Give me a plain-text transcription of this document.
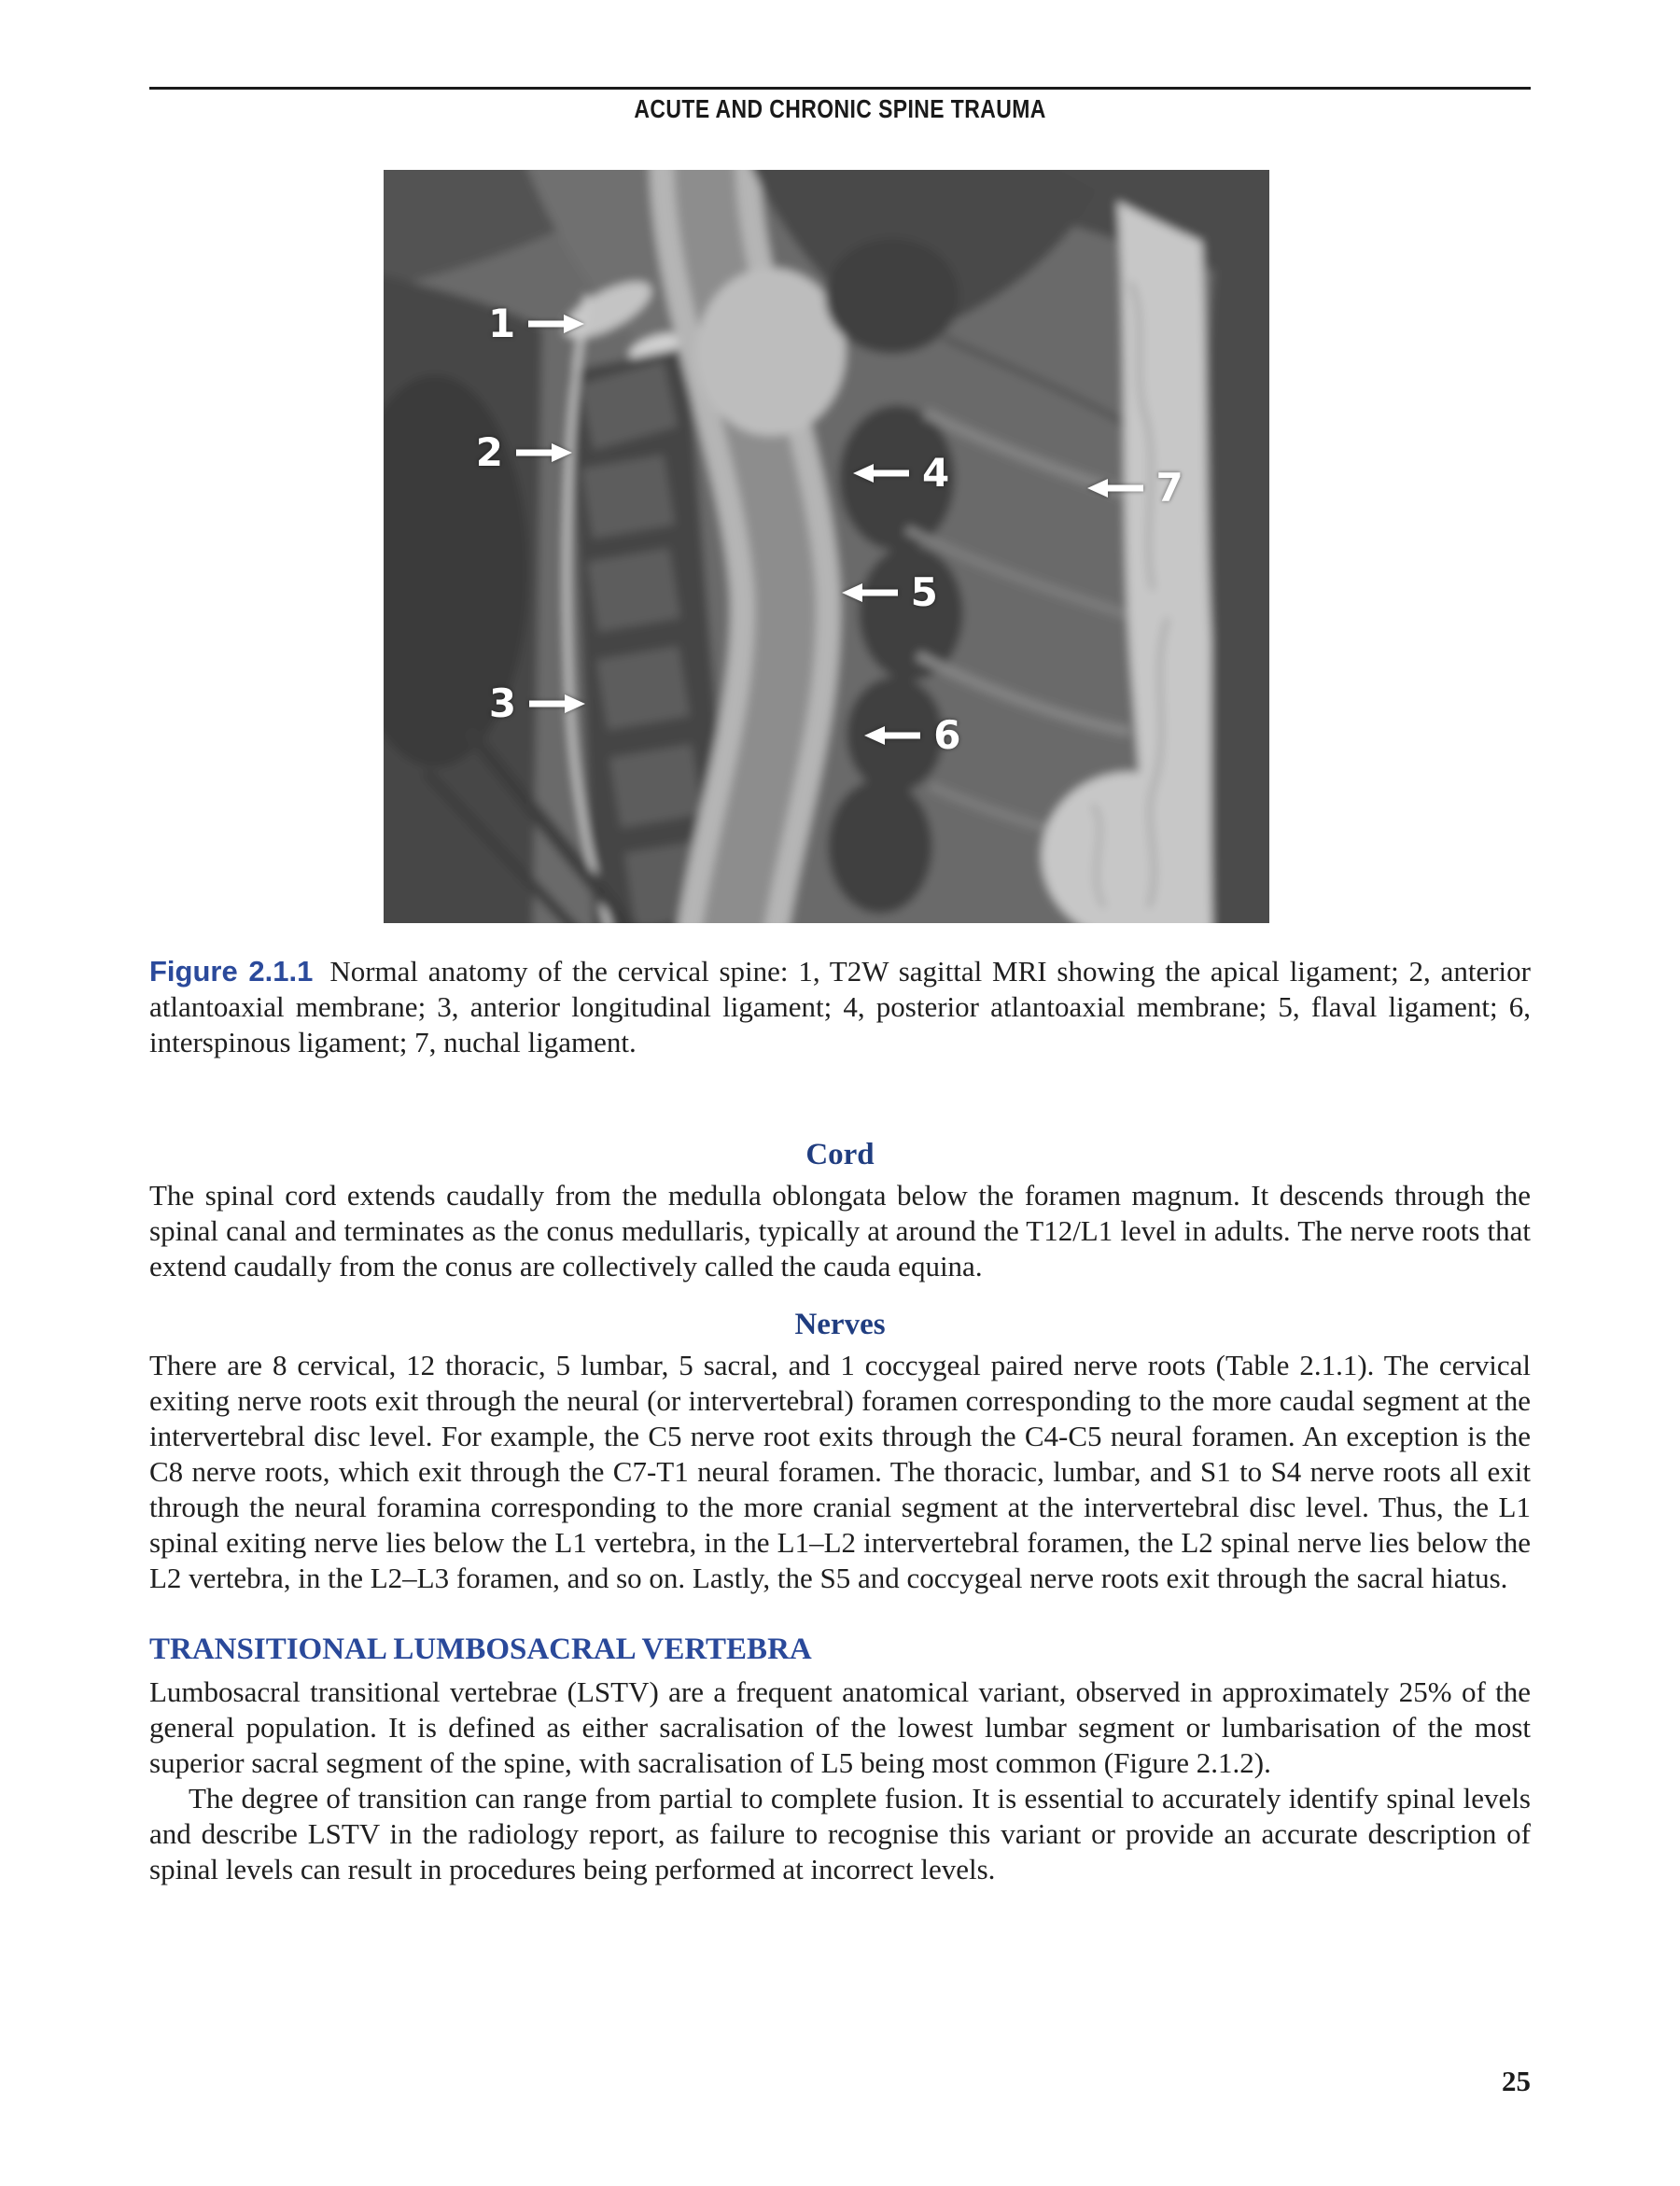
ACUTE AND CHRONIC SPINE TRAUMA
1
2
3
4
5
6
7
Figure 2.1.1 Normal anatomy of the cervical spine: 1, T2W sagittal MRI showing the apical ligament; 2, anterior atlantoaxial membrane; 3, anterior longitudinal ligament; 4, posterior atlantoaxial membrane; 5, flaval ligament; 6, interspinous ligament; 7, nuchal ligament.
Cord

The spinal cord extends caudally from the medulla oblongata below the foramen magnum. It descends through the spinal canal and terminates as the conus medullaris, typically at around the T12/L1 level in adults. The nerve roots that extend caudally from the conus are collectively called the cauda equina.

Nerves

There are 8 cervical, 12 thoracic, 5 lumbar, 5 sacral, and 1 coccygeal paired nerve roots (Table 2.1.1). The cervical exiting nerve roots exit through the neural (or intervertebral) foramen corresponding to the more caudal segment at the intervertebral disc level. For example, the C5 nerve root exits through the C4-C5 neural foramen. An exception is the C8 nerve roots, which exit through the C7-T1 neural foramen. The thoracic, lumbar, and S1 to S4 nerve roots all exit through the neural foramina corresponding to the more cranial segment at the intervertebral disc level. Thus, the L1 spinal exiting nerve lies below the L1 vertebra, in the L1–L2 intervertebral foramen, the L2 spinal nerve lies below the L2 vertebra, in the L2–L3 foramen, and so on. Lastly, the S5 and coccygeal nerve roots exit through the sacral hiatus.

TRANSITIONAL LUMBOSACRAL VERTEBRA

Lumbosacral transitional vertebrae (LSTV) are a frequent anatomical variant, observed in approximately 25% of the general population. It is defined as either sacralisation of the lowest lumbar segment or lumbarisation of the most superior sacral segment of the spine, with sacralisation of L5 being most common (Figure 2.1.2).

The degree of transition can range from partial to complete fusion. It is essential to accurately identify spinal levels and describe LSTV in the radiology report, as failure to recognise this variant or provide an accurate description of spinal levels can result in procedures being performed at incorrect levels.

25
